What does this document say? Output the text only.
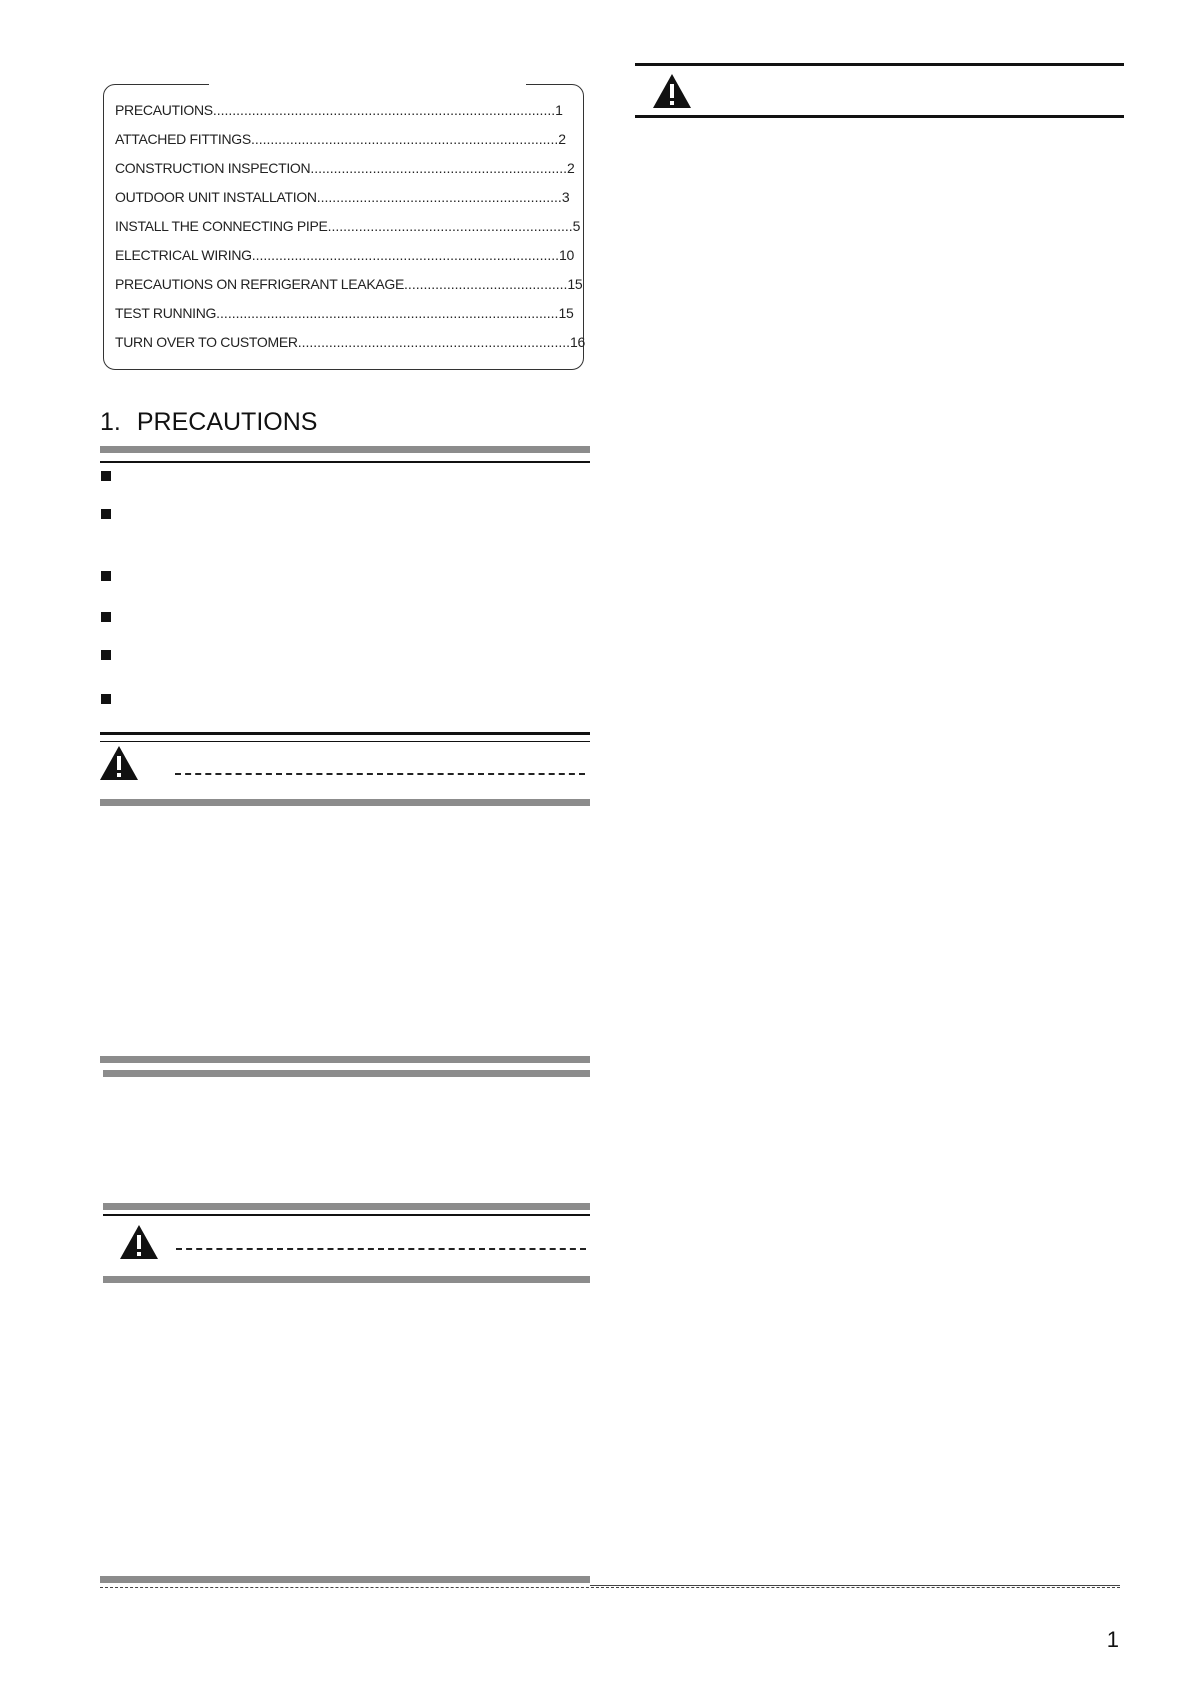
PRECAUTIONS........................................................................................1
ATTACHED FITTINGS...............................................................................2
CONSTRUCTION INSPECTION..................................................................2
OUTDOOR UNIT INSTALLATION...............................................................3
INSTALL THE CONNECTING PIPE...............................................................5
ELECTRICAL WIRING...............................................................................10
PRECAUTIONS ON REFRIGERANT LEAKAGE..........................................15
TEST RUNNING........................................................................................15
TURN OVER TO CUSTOMER......................................................................16
1. PRECAUTIONS
1
